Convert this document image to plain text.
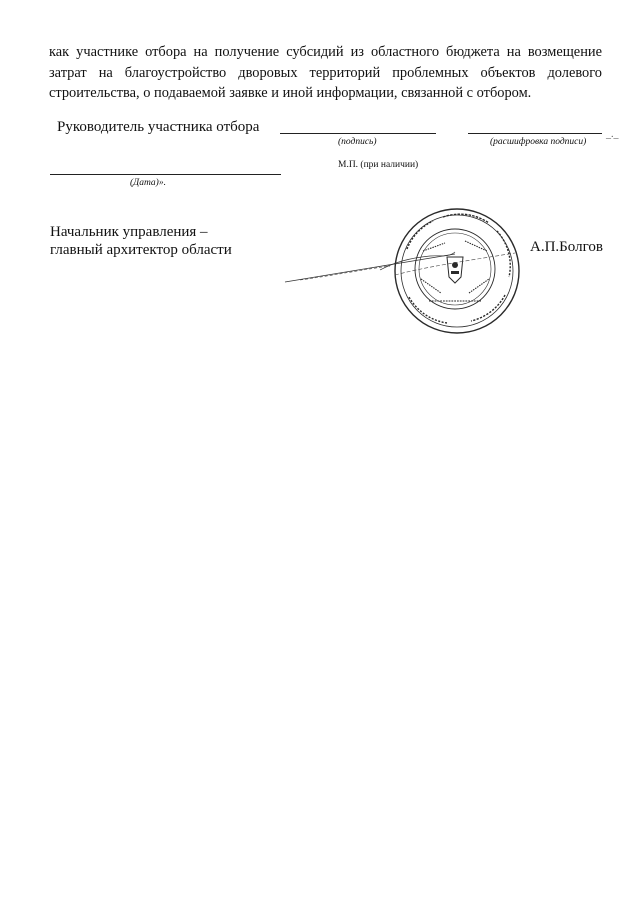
как участнике отбора на получение субсидий из областного бюджета на возмещение затрат на благоустройство дворовых территорий проблемных объектов долевого строительства, о подаваемой заявке и иной информации, связанной с отбором.

Руководитель участника отбора
(подпись)
_._
(расшифровка подписи)
(Дата)».
М.П. (при наличии)
Начальник управления –
главный архитектор области	А.П.Болгов
